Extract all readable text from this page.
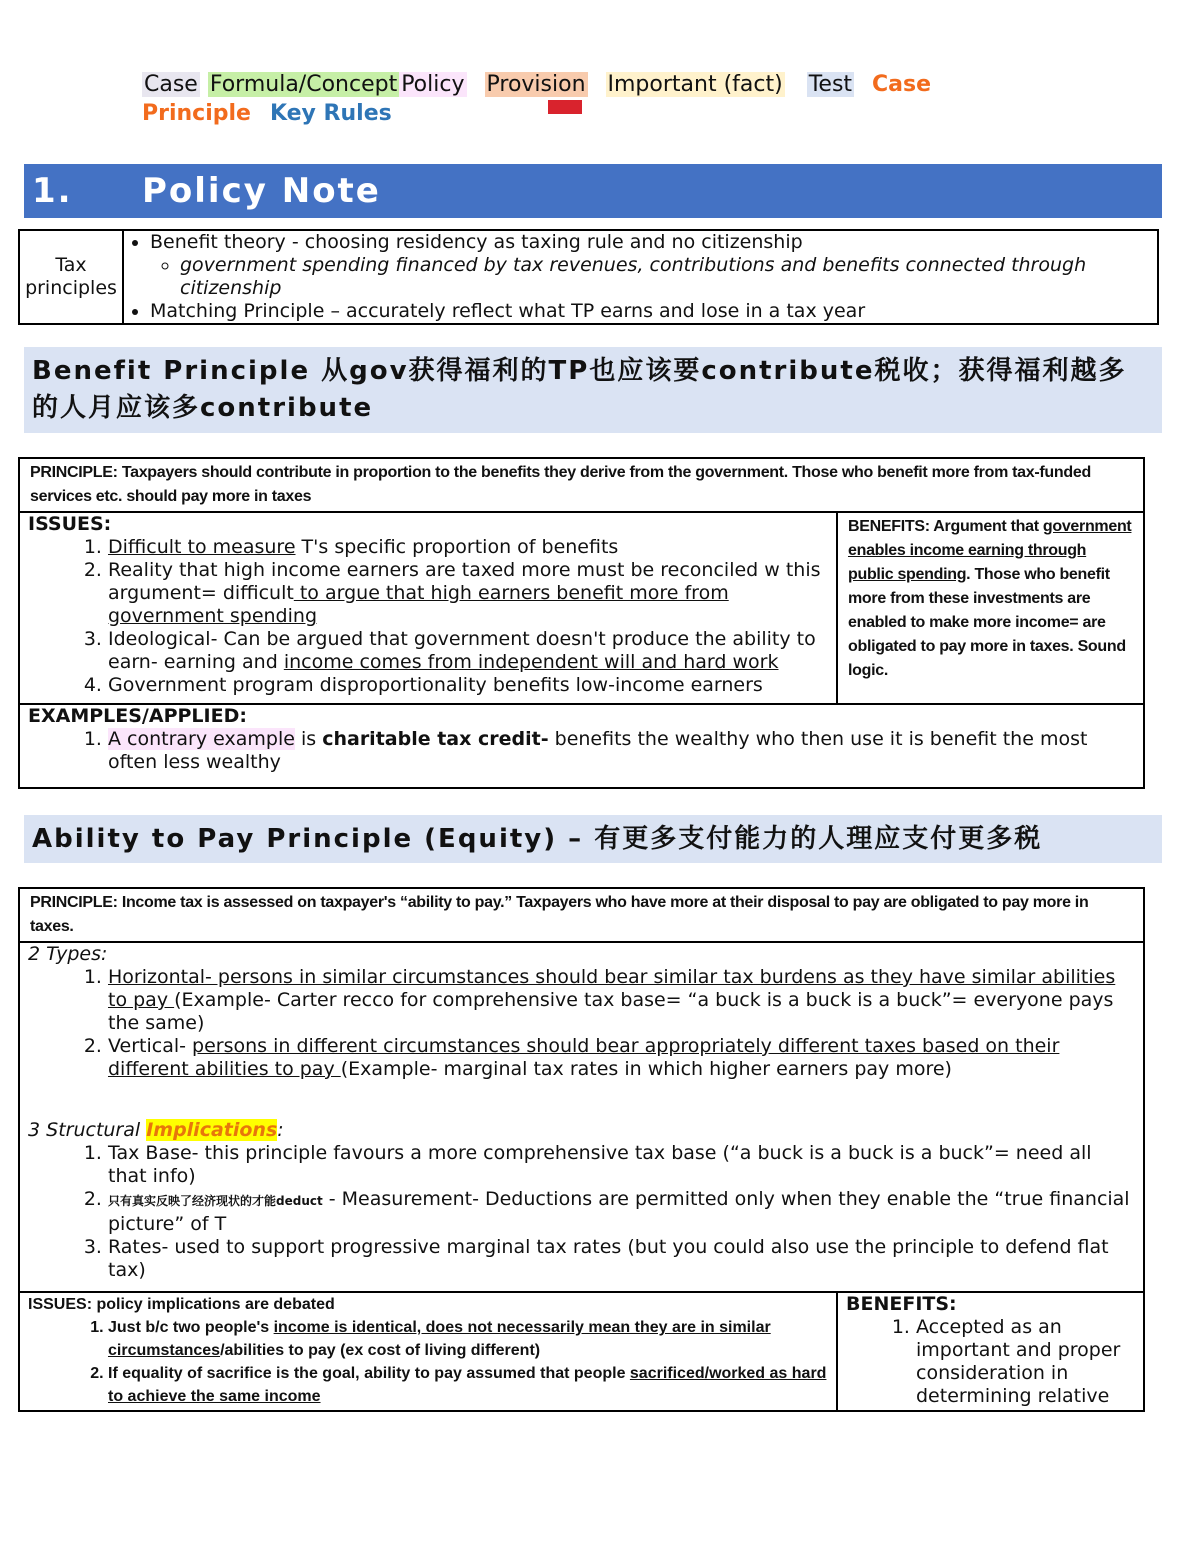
Case Formula/Concept Policy Provision Important (fact) Test Case Principle Key Rules
1. Policy Note
Tax principles	
• Benefit theory - choosing residency as taxing rule and no citizenship
◦ government spending financed by tax revenues, contributions and benefits connected through citizenship
• Matching Principle – accurately reflect what TP earns and lose in a tax year
Benefit Principle 从gov获得福利的TP也应该要contribute税收；获得福利越多的人月应该多contribute
PRINCIPLE: Taxpayers should contribute in proportion to the benefits they derive from the government. Those who benefit more from tax-funded services etc. should pay more in taxes
ISSUES:
1. Difficult to measure T's specific proportion of benefits
2. Reality that high income earners are taxed more must be reconciled w this argument= difficult to argue that high earners benefit more from government spending
3. Ideological- Can be argued that government doesn't produce the ability to earn- earning and income comes from independent will and hard work
4. Government program disproportionality benefits low-income earners
	BENEFITS: Argument that government enables income earning through public spending. Those who benefit more from these investments are enabled to make more income= are obligated to pay more in taxes. Sound logic.
EXAMPLES/APPLIED:
1. A contrary example is charitable tax credit- benefits the wealthy who then use it is benefit the most often less wealthy
Ability to Pay Principle (Equity) – 有更多支付能力的人理应支付更多税
PRINCIPLE: Income tax is assessed on taxpayer's “ability to pay.” Taxpayers who have more at their disposal to pay are obligated to pay more in taxes.
2 Types:
1. Horizontal- persons in similar circumstances should bear similar tax burdens as they have similar abilities to pay (Example- Carter recco for comprehensive tax base= “a buck is a buck is a buck”= everyone pays the same)
2. Vertical- persons in different circumstances should bear appropriately different taxes based on their different abilities to pay (Example- marginal tax rates in which higher earners pay more)
3 Structural Implications:
1. Tax Base- this principle favours a more comprehensive tax base (“a buck is a buck is a buck”= need all that info)
2. 只有真实反映了经济现状的才能deduct - Measurement- Deductions are permitted only when they enable the “true financial picture” of T
3. Rates- used to support progressive marginal tax rates (but you could also use the principle to defend flat tax)

ISSUES: policy implications are debated
1. Just b/c two people's income is identical, does not necessarily mean they are in similar circumstances/abilities to pay (ex cost of living different)
2. If equality of sacrifice is the goal, ability to pay assumed that people sacrificed/worked as hard to achieve the same income
	BENEFITS:
1. Accepted as an important and proper consideration in determining relative
